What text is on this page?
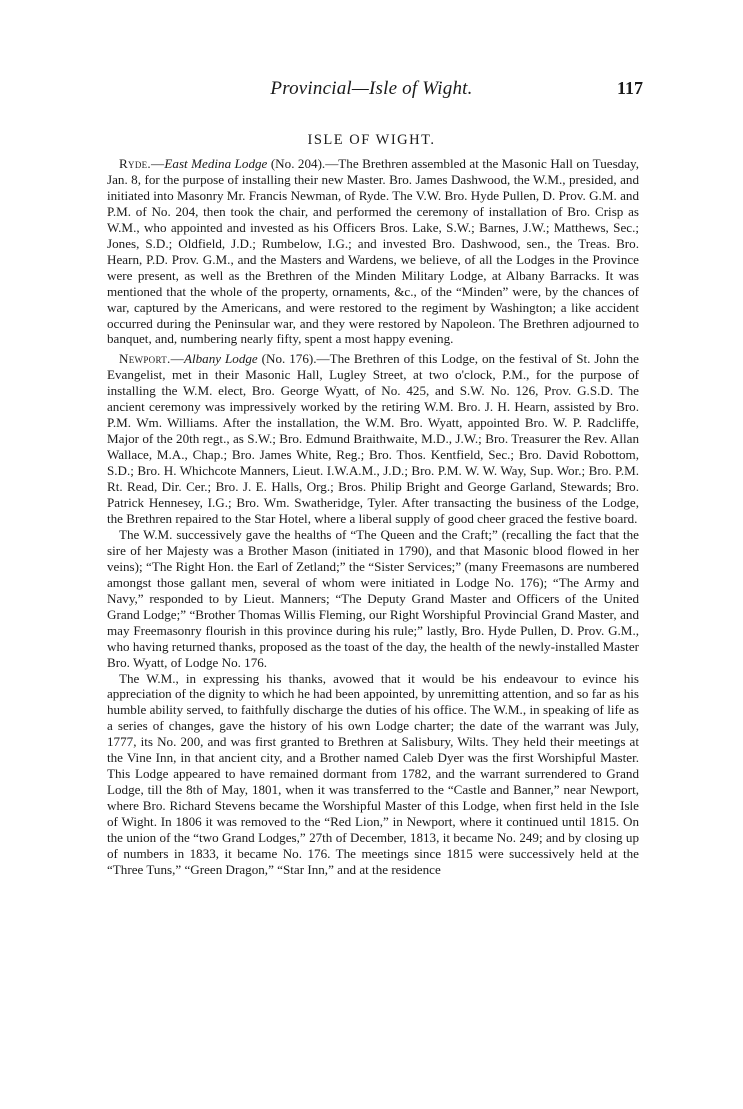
Provincial—Isle of Wight.	117
ISLE OF WIGHT.

Ryde.—East Medina Lodge (No. 204).—The Brethren assembled at the Masonic Hall on Tuesday, Jan. 8, for the purpose of installing their new Master. Bro. James Dashwood, the W.M., presided, and initiated into Masonry Mr. Francis Newman, of Ryde. The V.W. Bro. Hyde Pullen, D. Prov. G.M. and P.M. of No. 204, then took the chair, and performed the ceremony of installation of Bro. Crisp as W.M., who appointed and invested as his Officers Bros. Lake, S.W.; Barnes, J.W.; Matthews, Sec.; Jones, S.D.; Oldfield, J.D.; Rumbelow, I.G.; and invested Bro. Dashwood, sen., the Treas. Bro. Hearn, P.D. Prov. G.M., and the Masters and Wardens, we believe, of all the Lodges in the Province were present, as well as the Brethren of the Minden Military Lodge, at Albany Barracks. It was mentioned that the whole of the property, ornaments, &c., of the “Minden” were, by the chances of war, captured by the Americans, and were restored to the regiment by Washington; a like accident occurred during the Peninsular war, and they were restored by Napoleon. The Brethren adjourned to banquet, and, numbering nearly fifty, spent a most happy evening.

Newport.—Albany Lodge (No. 176).—The Brethren of this Lodge, on the festival of St. John the Evangelist, met in their Masonic Hall, Lugley Street, at two o'clock, P.M., for the purpose of installing the W.M. elect, Bro. George Wyatt, of No. 425, and S.W. No. 126, Prov. G.S.D. The ancient ceremony was impressively worked by the retiring W.M. Bro. J. H. Hearn, assisted by Bro. P.M. Wm. Williams. After the installation, the W.M. Bro. Wyatt, appointed Bro. W. P. Radcliffe, Major of the 20th regt., as S.W.; Bro. Edmund Braithwaite, M.D., J.W.; Bro. Treasurer the Rev. Allan Wallace, M.A., Chap.; Bro. James White, Reg.; Bro. Thos. Kentfield, Sec.; Bro. David Robottom, S.D.; Bro. H. Whichcote Manners, Lieut. I.W.A.M., J.D.; Bro. P.M. W. W. Way, Sup. Wor.; Bro. P.M. Rt. Read, Dir. Cer.; Bro. J. E. Halls, Org.; Bros. Philip Bright and George Garland, Stewards; Bro. Patrick Hennesey, I.G.; Bro. Wm. Swatheridge, Tyler. After transacting the business of the Lodge, the Brethren repaired to the Star Hotel, where a liberal supply of good cheer graced the festive board.

The W.M. successively gave the healths of “The Queen and the Craft;” (recalling the fact that the sire of her Majesty was a Brother Mason (initiated in 1790), and that Masonic blood flowed in her veins); “The Right Hon. the Earl of Zetland;” the “Sister Services;” (many Freemasons are numbered amongst those gallant men, several of whom were initiated in Lodge No. 176); “The Army and Navy,” responded to by Lieut. Manners; “The Deputy Grand Master and Officers of the United Grand Lodge;” “Brother Thomas Willis Fleming, our Right Worshipful Provincial Grand Master, and may Freemasonry flourish in this province during his rule;” lastly, Bro. Hyde Pullen, D. Prov. G.M., who having returned thanks, proposed as the toast of the day, the health of the newly-installed Master Bro. Wyatt, of Lodge No. 176.

The W.M., in expressing his thanks, avowed that it would be his endeavour to evince his appreciation of the dignity to which he had been appointed, by unremitting attention, and so far as his humble ability served, to faithfully discharge the duties of his office. The W.M., in speaking of life as a series of changes, gave the history of his own Lodge charter; the date of the warrant was July, 1777, its No. 200, and was first granted to Brethren at Salisbury, Wilts. They held their meetings at the Vine Inn, in that ancient city, and a Brother named Caleb Dyer was the first Worshipful Master. This Lodge appeared to have remained dormant from 1782, and the warrant surrendered to Grand Lodge, till the 8th of May, 1801, when it was transferred to the “Castle and Banner,” near Newport, where Bro. Richard Stevens became the Worshipful Master of this Lodge, when first held in the Isle of Wight. In 1806 it was removed to the “Red Lion,” in Newport, where it continued until 1815. On the union of the “two Grand Lodges,” 27th of December, 1813, it became No. 249; and by closing up of numbers in 1833, it became No. 176. The meetings since 1815 were successively held at the “Three Tuns,” “Green Dragon,” “Star Inn,” and at the residence
